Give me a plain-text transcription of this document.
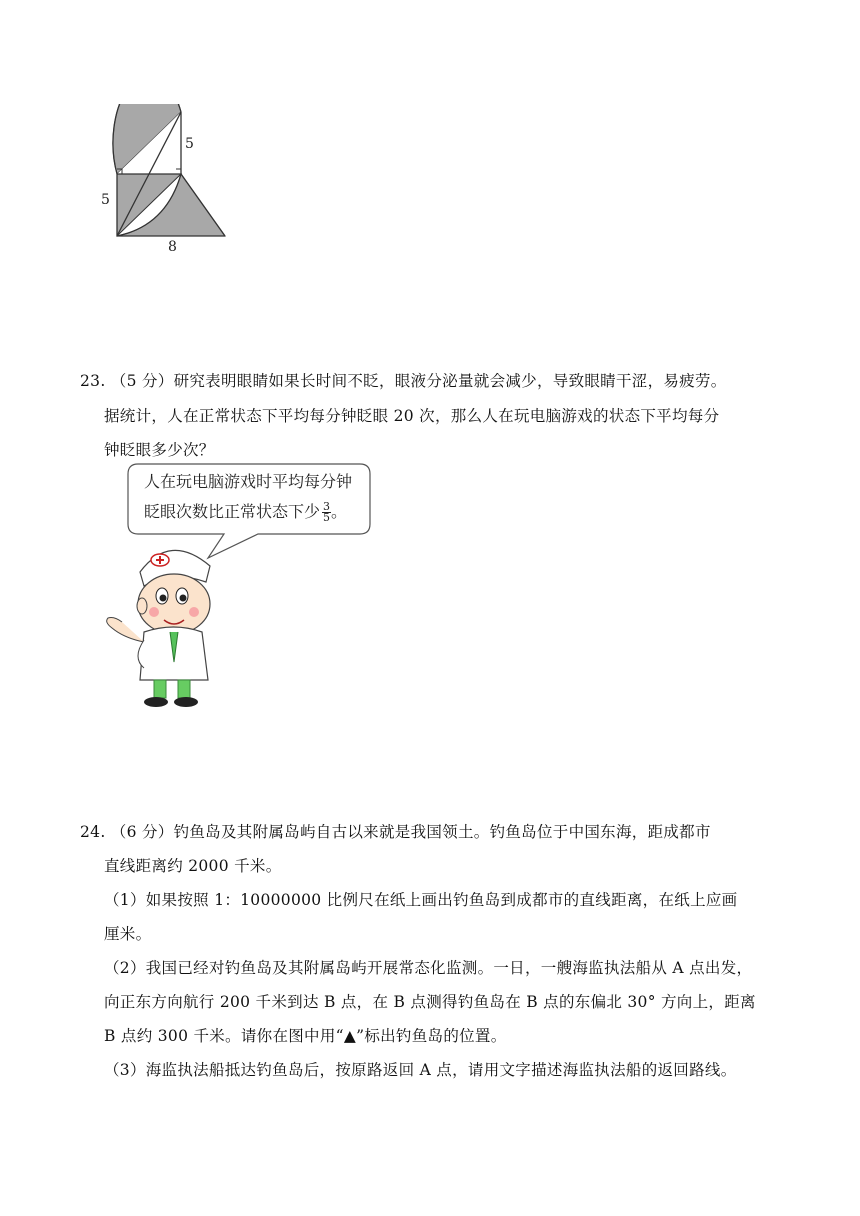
5
5
8
23. （5 分）研究表明眼睛如果长时间不眨，眼液分泌量就会减少，导致眼睛干涩，易疲劳。
据统计，人在正常状态下平均每分钟眨眼 20 次，那么人在玩电脑游戏的状态下平均每分
钟眨眼多少次？
人在玩电脑游戏时平均每分钟
眨眼次数比正常状态下少 $\frac{3}{5}$ 。
24. （6 分）钓鱼岛及其附属岛屿自古以来就是我国领土。钓鱼岛位于中国东海，距成都市
直线距离约 2000 千米。
（1）如果按照 1：10000000 比例尺在纸上画出钓鱼岛到成都市的直线距离，在纸上应画
厘米。
（2）我国已经对钓鱼岛及其附属岛屿开展常态化监测。一日，一艘海监执法船从 A 点出发，
向正东方向航行 200 千米到达 B 点，在 B 点测得钓鱼岛在 B 点的东偏北 30° 方向上，距离
B 点约 300 千米。请你在图中用“▲”标出钓鱼岛的位置。
（3）海监执法船抵达钓鱼岛后，按原路返回 A 点，请用文字描述海监执法船的返回路线。
